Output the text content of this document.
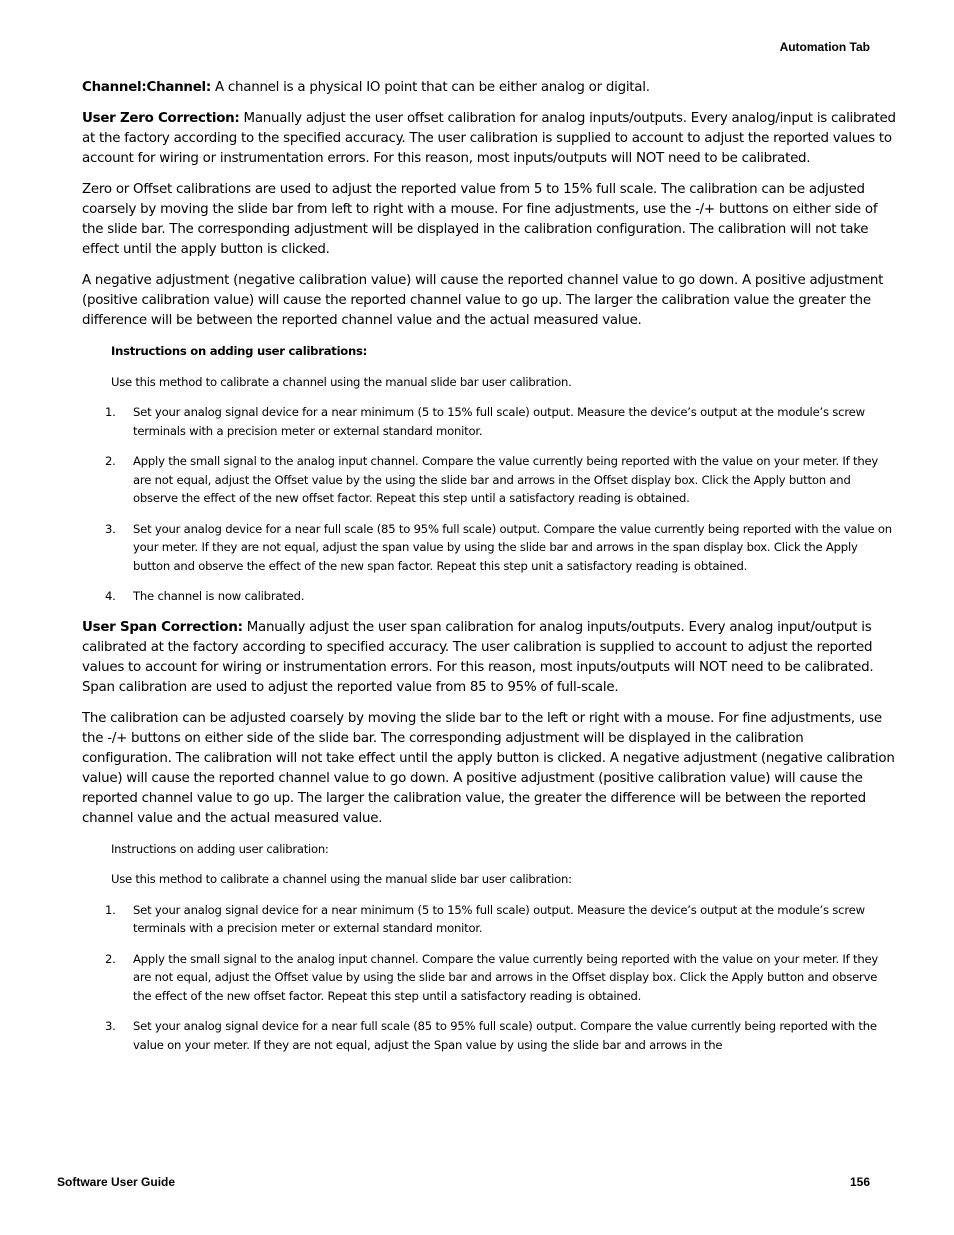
Automation Tab

Channel:Channel: A channel is a physical IO point that can be either analog or digital.

User Zero Correction: Manually adjust the user offset calibration for analog inputs/outputs. Every analog/input is calibrated at the factory according to the specified accuracy. The user calibration is supplied to account to adjust the reported values to account for wiring or instrumentation errors. For this reason, most inputs/outputs will NOT need to be calibrated.

Zero or Offset calibrations are used to adjust the reported value from 5 to 15% full scale. The calibration can be adjusted coarsely by moving the slide bar from left to right with a mouse. For fine adjustments, use the -/+ buttons on either side of the slide bar. The corresponding adjustment will be displayed in the calibration configuration. The calibration will not take effect until the apply button is clicked.

A negative adjustment (negative calibration value) will cause the reported channel value to go down. A positive adjustment (positive calibration value) will cause the reported channel value to go up. The larger the calibration value the greater the difference will be between the reported channel value and the actual measured value.

Instructions on adding user calibrations:
Use this method to calibrate a channel using the manual slide bar user calibration.
1. Set your analog signal device for a near minimum (5 to 15% full scale) output. Measure the device’s output at the module’s screw terminals with a precision meter or external standard monitor.
2. Apply the small signal to the analog input channel. Compare the value currently being reported with the value on your meter. If they are not equal, adjust the Offset value by the using the slide bar and arrows in the Offset display box. Click the Apply button and observe the effect of the new offset factor. Repeat this step until a satisfactory reading is obtained.
3. Set your analog device for a near full scale (85 to 95% full scale) output. Compare the value currently being reported with the value on your meter. If they are not equal, adjust the span value by using the slide bar and arrows in the span display box. Click the Apply button and observe the effect of the new span factor. Repeat this step unit a satisfactory reading is obtained.
4. The channel is now calibrated.

User Span Correction: Manually adjust the user span calibration for analog inputs/outputs. Every analog input/output is calibrated at the factory according to specified accuracy. The user calibration is supplied to account to adjust the reported values to account for wiring or instrumentation errors. For this reason, most inputs/outputs will NOT need to be calibrated. Span calibration are used to adjust the reported value from 85 to 95% of full-scale.

The calibration can be adjusted coarsely by moving the slide bar to the left or right with a mouse. For fine adjustments, use the -/+ buttons on either side of the slide bar. The corresponding adjustment will be displayed in the calibration configuration. The calibration will not take effect until the apply button is clicked. A negative adjustment (negative calibration value) will cause the reported channel value to go down. A positive adjustment (positive calibration value) will cause the reported channel value to go up. The larger the calibration value, the greater the difference will be between the reported channel value and the actual measured value.

Instructions on adding user calibration:
Use this method to calibrate a channel using the manual slide bar user calibration:
1. Set your analog signal device for a near minimum (5 to 15% full scale) output. Measure the device’s output at the module’s screw terminals with a precision meter or external standard monitor.
2. Apply the small signal to the analog input channel. Compare the value currently being reported with the value on your meter. If they are not equal, adjust the Offset value by using the slide bar and arrows in the Offset display box. Click the Apply button and observe the effect of the new offset factor. Repeat this step until a satisfactory reading is obtained.
3. Set your analog signal device for a near full scale (85 to 95% full scale) output. Compare the value currently being reported with the value on your meter. If they are not equal, adjust the Span value by using the slide bar and arrows in the
Software User Guide	156
